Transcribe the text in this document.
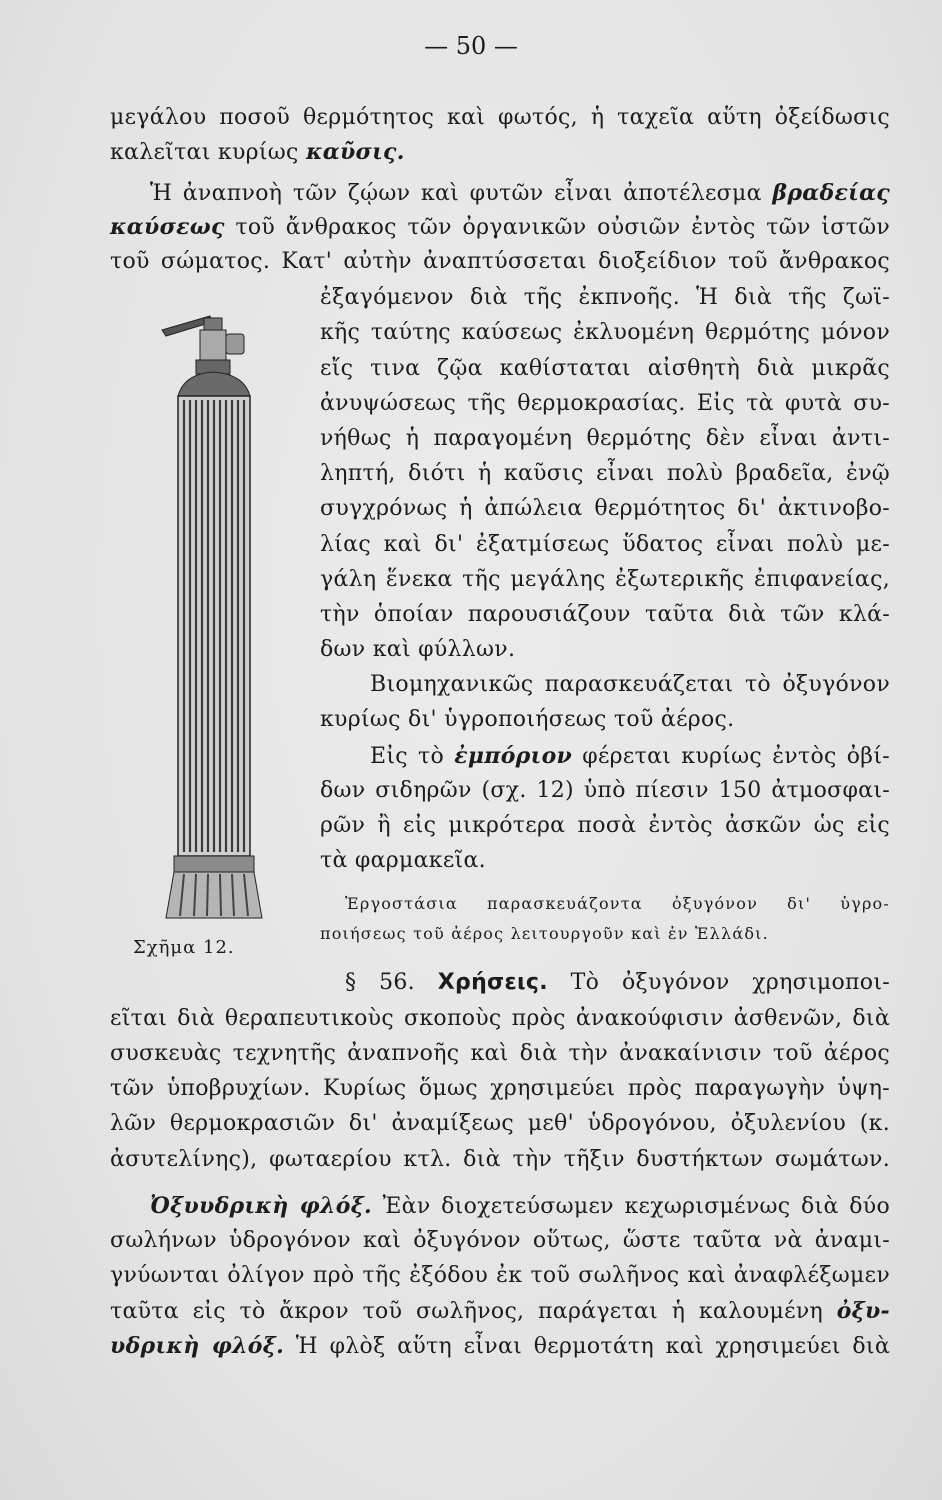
— 50 —
μεγάλου ποσοῦ θερμότητος καὶ φωτός, ἡ ταχεῖα αὕτη ὀξείδωσις
καλεῖται κυρίως καῦσις.
Ἡ ἀναπνοὴ τῶν ζῴων καὶ φυτῶν εἶναι ἀποτέλεσμα βραδείας
καύσεως τοῦ ἄνθρακος τῶν ὀργανικῶν οὐσιῶν ἐντὸς τῶν ἱστῶν
τοῦ σώματος. Κατ' αὐτὴν ἀναπτύσσεται διοξείδιον τοῦ ἄνθρακος
ἐξαγόμενον διὰ τῆς ἐκπνοῆς. Ἡ διὰ τῆς ζωϊ-
κῆς ταύτης καύσεως ἐκλυομένη θερμότης μόνον
εἴς τινα ζῷα καθίσταται αἰσθητὴ διὰ μικρᾶς
ἀνυψώσεως τῆς θερμοκρασίας. Εἰς τὰ φυτὰ συ-
νήθως ἡ παραγομένη θερμότης δὲν εἶναι ἀντι-
ληπτή, διότι ἡ καῦσις εἶναι πολὺ βραδεῖα, ἐνῷ
συγχρόνως ἡ ἀπώλεια θερμότητος δι' ἀκτινοβο-
λίας καὶ δι' ἐξατμίσεως ὕδατος εἶναι πολὺ με-
γάλη ἕνεκα τῆς μεγάλης ἐξωτερικῆς ἐπιφανείας,
τὴν ὁποίαν παρουσιάζουν ταῦτα διὰ τῶν κλά-
δων καὶ φύλλων.
Βιομηχανικῶς παρασκευάζεται τὸ ὀξυγόνον
κυρίως δι' ὑγροποιήσεως τοῦ ἀέρος.
Εἰς τὸ ἐμπόριον φέρεται κυρίως ἐντὸς ὀβί-
δων σιδηρῶν (σχ. 12) ὑπὸ πίεσιν 150 ἀτμοσφαι-
ρῶν ἢ εἰς μικρότερα ποσὰ ἐντὸς ἀσκῶν ὡς εἰς
τὰ φαρμακεῖα.
Ἐργοστάσια παρασκευάζοντα ὀξυγόνον δι' ὑγρο-
ποιήσεως τοῦ ἀέρος λειτουργοῦν καὶ ἐν Ἑλλάδι.
§ 56. Χρήσεις. Τὸ ὀξυγόνον χρησιμοποι-
εῖται διὰ θεραπευτικοὺς σκοποὺς πρὸς ἀνακούφισιν ἀσθενῶν, διὰ
συσκευὰς τεχνητῆς ἀναπνοῆς καὶ διὰ τὴν ἀνακαίνισιν τοῦ ἀέρος
τῶν ὑποβρυχίων. Κυρίως ὅμως χρησιμεύει πρὸς παραγωγὴν ὑψη-
λῶν θερμοκρασιῶν δι' ἀναμίξεως μεθ' ὑδρογόνου, ὀξυλενίου (κ.
ἀσυτελίνης), φωταερίου κτλ. διὰ τὴν τῆξιν δυστήκτων σωμάτων.
Ὀξυυδρικὴ φλόξ. Ἐὰν διοχετεύσωμεν κεχωρισμένως διὰ δύο
σωλήνων ὑδρογόνον καὶ ὀξυγόνον οὕτως, ὥστε ταῦτα νὰ ἀναμι-
γνύωνται ὀλίγον πρὸ τῆς ἐξόδου ἐκ τοῦ σωλῆνος καὶ ἀναφλέξωμεν
ταῦτα εἰς τὸ ἄκρον τοῦ σωλῆνος, παράγεται ἡ καλουμένη ὀξυ-
υδρικὴ φλόξ. Ἡ φλὸξ αὕτη εἶναι θερμοτάτη καὶ χρησιμεύει διὰ
Σχῆμα 12.
